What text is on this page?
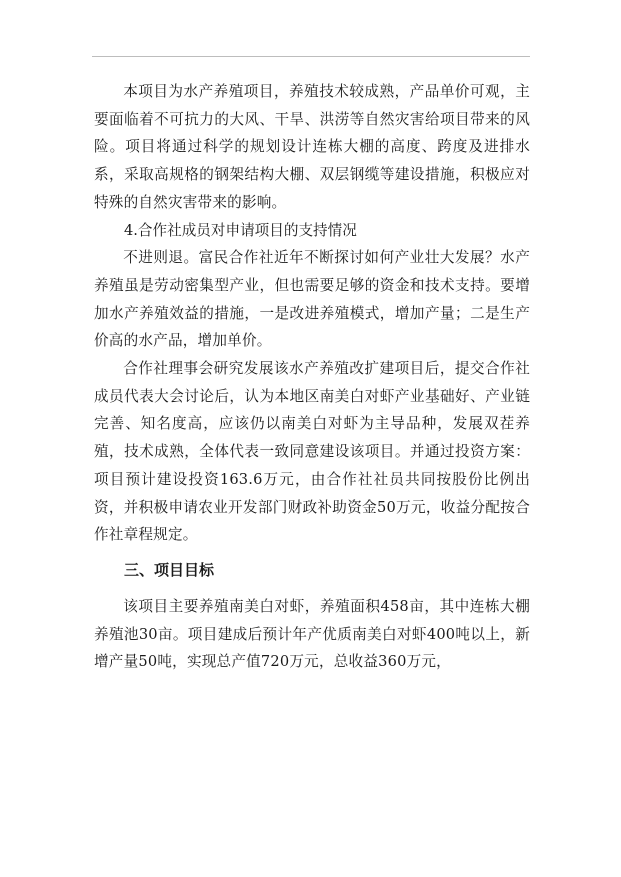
本项目为水产养殖项目，养殖技术较成熟，产品单价可观，主要面临着不可抗力的大风、干旱、洪涝等自然灾害给项目带来的风险。项目将通过科学的规划设计连栋大棚的高度、跨度及进排水系，采取高规格的钢架结构大棚、双层钢缆等建设措施，积极应对特殊的自然灾害带来的影响。

4.合作社成员对申请项目的支持情况

不进则退。富民合作社近年不断探讨如何产业壮大发展？水产养殖虽是劳动密集型产业，但也需要足够的资金和技术支持。要增加水产养殖效益的措施，一是改进养殖模式，增加产量；二是生产价高的水产品，增加单价。

合作社理事会研究发展该水产养殖改扩建项目后，提交合作社成员代表大会讨论后，认为本地区南美白对虾产业基础好、产业链完善、知名度高，应该仍以南美白对虾为主导品种，发展双茬养殖，技术成熟，全体代表一致同意建设该项目。并通过投资方案：项目预计建设投资163.6万元，由合作社社员共同按股份比例出资，并积极申请农业开发部门财政补助资金50万元，收益分配按合作社章程规定。

三、项目目标

该项目主要养殖南美白对虾，养殖面积458亩，其中连栋大棚养殖池30亩。项目建成后预计年产优质南美白对虾400吨以上，新增产量50吨，实现总产值720万元，总收益360万元，
